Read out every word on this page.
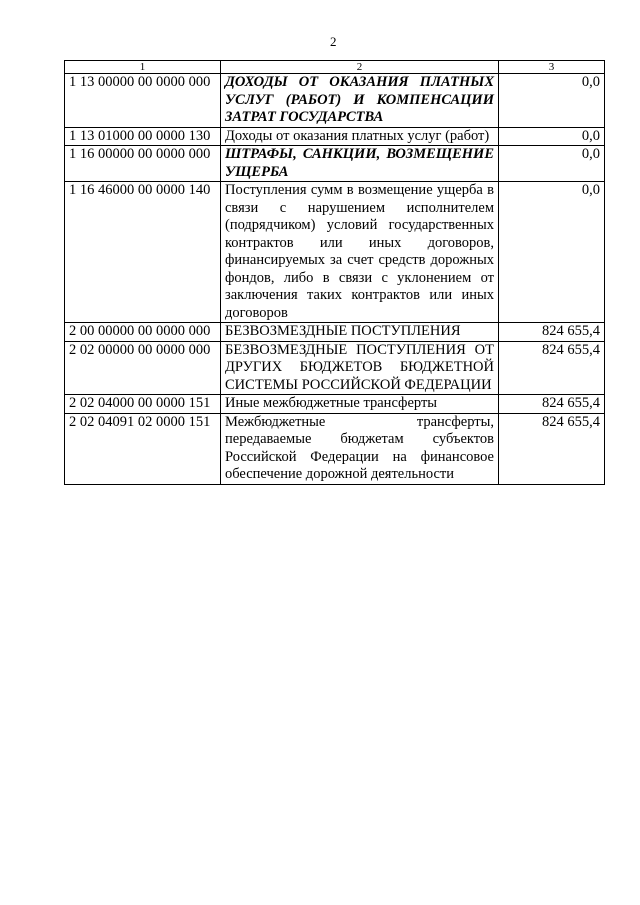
2
1	2	3
1 13 00000 00 0000 000	ДОХОДЫ ОТ ОКАЗАНИЯ ПЛАТНЫХ УСЛУГ (РАБОТ) И КОМПЕНСАЦИИ ЗАТРАТ ГОСУДАРСТВА	0,0
1 13 01000 00 0000 130	Доходы от оказания платных услуг (работ)	0,0
1 16 00000 00 0000 000	ШТРАФЫ, САНКЦИИ, ВОЗМЕЩЕНИЕ УЩЕРБА	0,0
1 16 46000 00 0000 140	Поступления сумм в возмещение ущерба в связи с нарушением исполнителем (подрядчиком) условий государственных контрактов или иных договоров, финансируемых за счет средств дорожных фондов, либо в связи с уклонением от заключения таких контрактов или иных договоров	0,0
2 00 00000 00 0000 000	БЕЗВОЗМЕЗДНЫЕ ПОСТУПЛЕНИЯ	824 655,4
2 02 00000 00 0000 000	БЕЗВОЗМЕЗДНЫЕ ПОСТУПЛЕНИЯ ОТ ДРУГИХ БЮДЖЕТОВ БЮДЖЕТНОЙ СИСТЕМЫ РОССИЙСКОЙ ФЕДЕРАЦИИ	824 655,4
2 02 04000 00 0000 151	Иные межбюджетные трансферты	824 655,4
2 02 04091 02 0000 151	Межбюджетные трансферты, передаваемые бюджетам субъектов Российской Федерации на финансовое обеспечение дорожной деятельности	824 655,4
